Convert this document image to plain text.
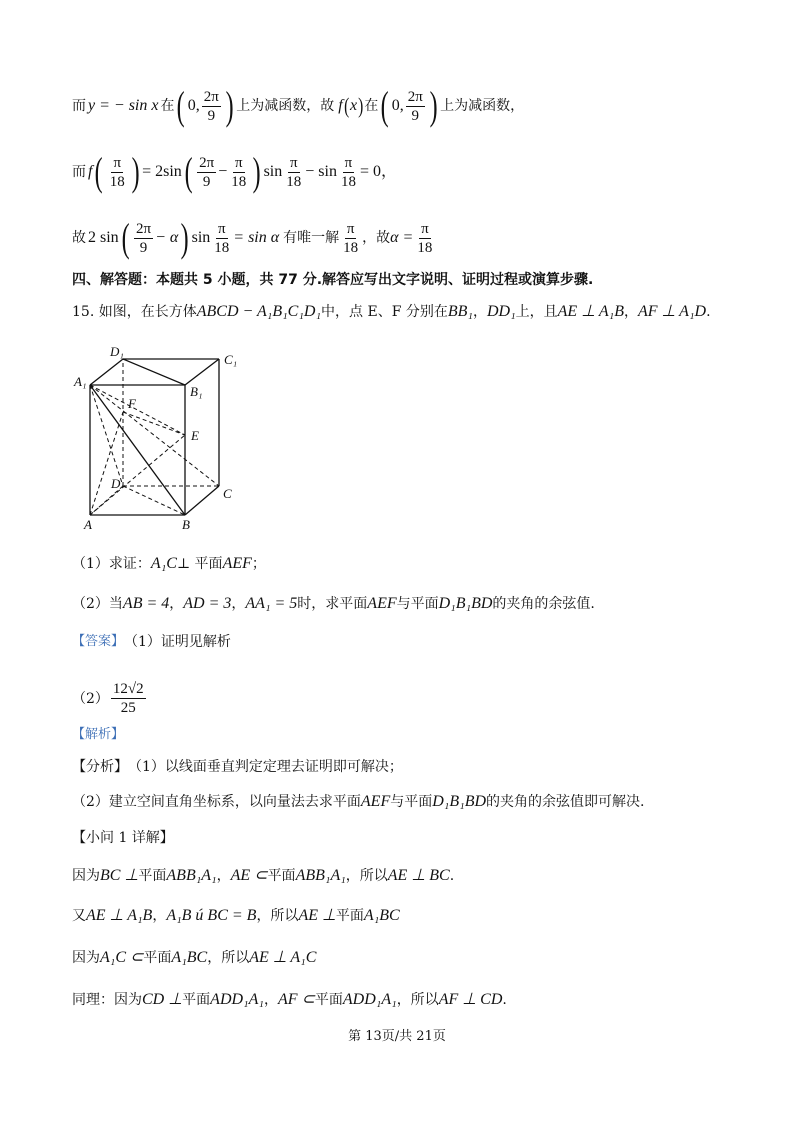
而 y = − sin x 在 ( 0, $\frac{2\pi}{9}$ ) 上为减函数，故 f ( x ) 在 ( 0, $\frac{2\pi}{9}$ ) 上为减函数，
而 f ( $\frac{\pi}{18}$ ) = 2sin ( $\frac{2\pi}{9} - \frac{\pi}{18}$ ) $\sin \frac{\pi}{18} - \sin \frac{\pi}{18} = 0$，
故 2 sin ( $\frac{2\pi}{9} - \alpha$ ) $\sin \frac{\pi}{18} = \sin \alpha$ 有唯一解 $\frac{\pi}{18}$ ，故 $\alpha = \frac{\pi}{18}$
四、解答题：本题共 5 小题，共 77 分.解答应写出文字说明、证明过程或演算步骤.
15. 如图，在长方体 ABCD − A₁B₁C₁D₁ 中，点 E、F 分别在 BB₁ ， DD₁ 上，且 AE ⊥ A₁B ， AF ⊥ A₁D .
D₁
C₁
A₁
B₁
F
E
D
C
A	B
（1）求证： A₁C ⊥ 平面 AEF ；
（2）当 AB = 4 ， AD = 3 ， AA₁ = 5 时，求平面 AEF 与平面 D₁B₁BD 的夹角的余弦值.
【答案】 （1）证明见解析
$(2) \frac{12√2}{25}$
【解析】
【分析】 （1）以线面垂直判定定理去证明即可解决；
（2）建立空间直角坐标系，以向量法去求平面 AEF 与平面 D₁B₁BD 的夹角的余弦值即可解决.
【小问 1 详解】
因为 BC ⊥ 平面 ABB₁A₁ ， AE ⊂ 平面 ABB₁A₁ ，所以 AE ⊥ BC .
又 AE ⊥ A₁B ， A₁B ú BC = B ，所以 AE ⊥ 平面 A₁BC
因为 A₁C ⊂ 平面 A₁BC ，所以 AE ⊥ A₁C
同理：因为 CD ⊥ 平面 ADD₁A₁ ， AF ⊂ 平面 ADD₁A₁ ，所以 AF ⊥ CD .
第 13页/共 21页
